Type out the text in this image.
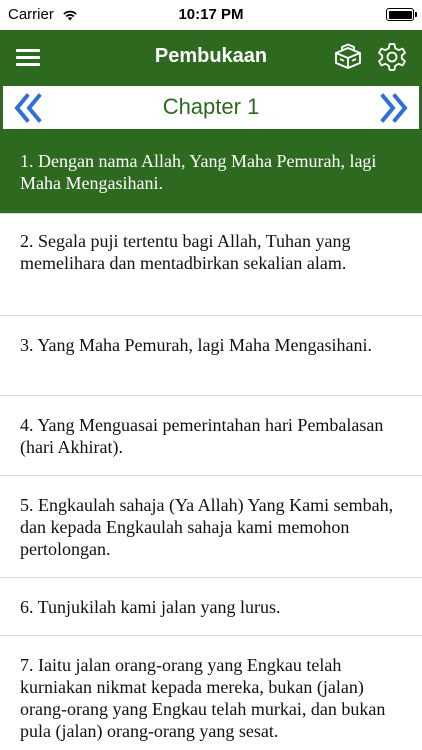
Carrier	10:17 PM
Pembukaan
Chapter 1
1. Dengan nama Allah, Yang Maha Pemurah, lagi Maha Mengasihani.
2. Segala puji tertentu bagi Allah, Tuhan yang memelihara dan mentadbirkan sekalian alam.
3. Yang Maha Pemurah, lagi Maha Mengasihani.
4. Yang Menguasai pemerintahan hari Pembalasan (hari Akhirat).
5. Engkaulah sahaja (Ya Allah) Yang Kami sembah, dan kepada Engkaulah sahaja kami memohon pertolongan.
6. Tunjukilah kami jalan yang lurus.
7. Iaitu jalan orang-orang yang Engkau telah kurniakan nikmat kepada mereka, bukan (jalan) orang-orang yang Engkau telah murkai, dan bukan pula (jalan) orang-orang yang sesat.
